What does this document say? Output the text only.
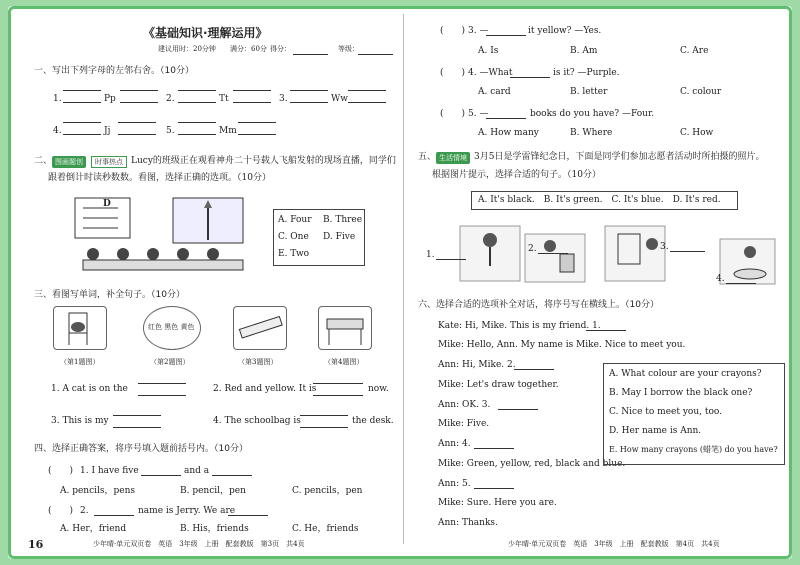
《基础知识·理解运用》
建议用时：20分钟 满分：60分 得分：	等级：
一、写出下列字母的左邻右舍。（10分）
1.	Pp	2.	Tt	3.	Ww
4.	Jj	5.	Mm
二、 图画题创	时事热点 Lucy的班级正在观看神舟二十号载人飞船发射的现场直播，同学们
跟着倒计时读秒数数。看图，选择正确的选项。（10分）
D
A. Four B. Three
C. One D. Five
E. Two
三、看图写单词，补全句子。（10分）
红色 黑色 黄色
（第1题图）	（第2题图）	（第3题图）	（第4题图）
1. A cat is on the	2. Red and yellow. It is	now.
3. This is my	4. The schoolbag is	the desk.
四、选择正确答案，将序号填入题前括号内。（10分）
(　　) 1. I have five	and a
A. pencils，pens	B. pencil，pen	C. pencils，pen
(　　) 2.	name is Jerry. We are
A. Her，friend	B. His，friends	C. He，friends
16	少年晴·单元双页卷　英语　3年级　上册　配套教版　第3页　共4页
(　　) 3. —	it yellow? —Yes.
A. Is	B. Am	C. Are
(　　) 4. —What	is it? —Purple.
A. card	B. letter	C. colour
(　　) 5. —	books do you have? —Four.
A. How many	B. Where	C. How
五、 生活情境 3月5日是学雷锋纪念日，下面是同学们参加志愿者活动时所拍摄的照片。
根据图片提示，选择合适的句子。（10分）
A. It's black.　B. It's green.　C. It's blue.　D. It's red.
1.
2.	3.
4.
六、选择合适的选项补全对话，将序号写在横线上。（10分）
Kate: Hi, Mike. This is my friend. 1.
Mike: Hello, Ann. My name is Mike. Nice to meet you.
Ann: Hi, Mike. 2.
Mike: Let's draw together.
Ann: OK. 3.
Mike: Five.
Ann: 4.
Mike: Green, yellow, red, black and blue.
Ann: 5.
Mike: Sure. Here you are.
Ann: Thanks.
A. What colour are your crayons?
B. May I borrow the black one?
C. Nice to meet you, too.
D. Her name is Ann.
E. How many crayons (蜡笔) do you have?
少年晴·单元双页卷　英语　3年级　上册　配套教版　第4页　共4页
